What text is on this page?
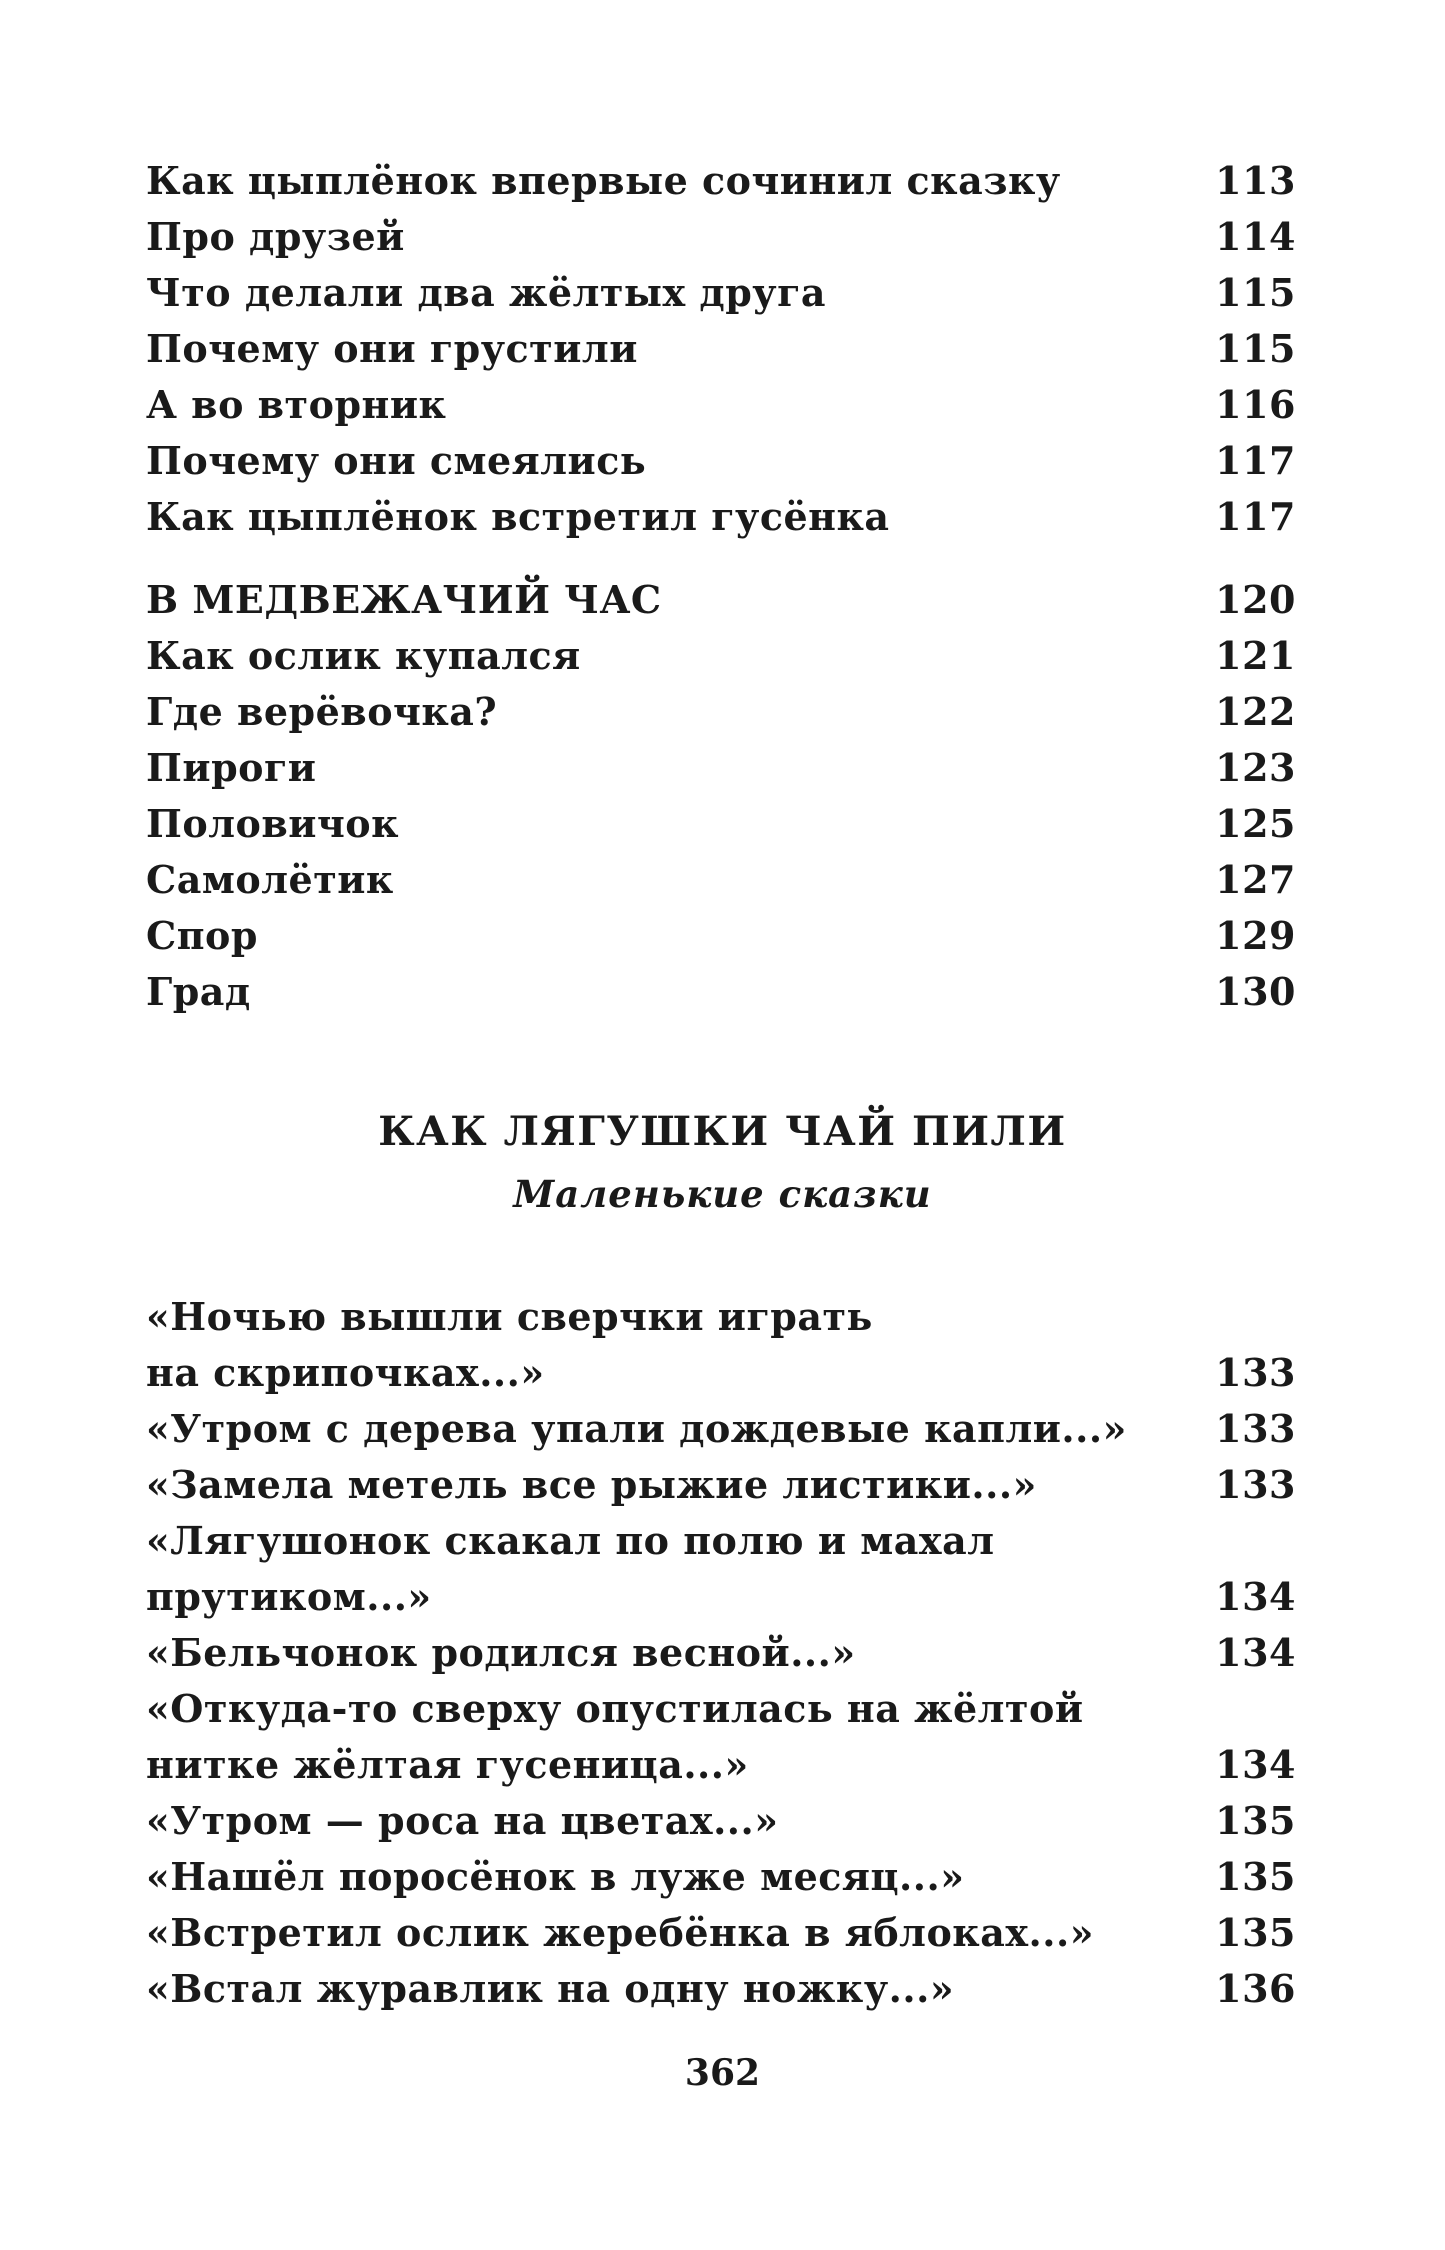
Как цыплёнок впервые сочинил сказку	113
Про друзей	114
Что делали два жёлтых друга	115
Почему они грустили	115
А во вторник	116
Почему они смеялись	117
Как цыплёнок встретил гусёнка	117
В МЕДВЕЖАЧИЙ ЧАС	120
Как ослик купался	121
Где верёвочка?	122
Пироги	123
Половичок	125
Самолётик	127
Спор	129
Град	130
КАК ЛЯГУШКИ ЧАЙ ПИЛИ
Маленькие сказки
«Ночью вышли сверчки играть
на скрипочках...»	133
«Утром с дерева упали дождевые капли...» 133
«Замела метель все рыжие листики...»	133
«Лягушонок скакал по полю и махал
прутиком...»	134
«Бельчонок родился весной...»	134
«Откуда-то сверху опустилась на жёлтой
нитке жёлтая гусеница...»	134
«Утром — роса на цветах...»	135
«Нашёл поросёнок в луже месяц...»	135
«Встретил ослик жеребёнка в яблоках...»	135
«Встал журавлик на одну ножку...»	136
362
